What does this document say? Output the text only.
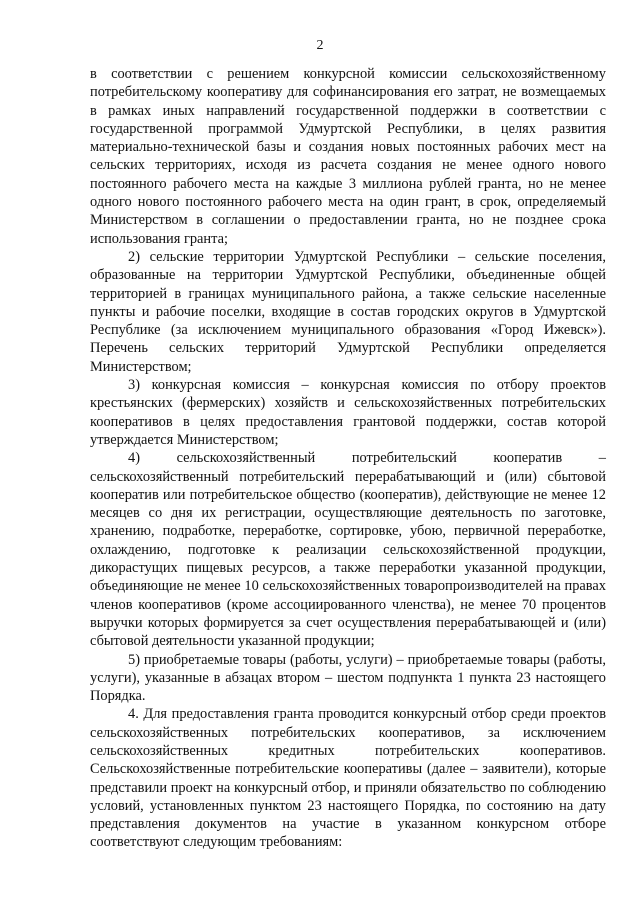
2

в соответствии с решением конкурсной комиссии сельскохозяйственному потребительскому кооперативу для софинансирования его затрат, не возмещаемых в рамках иных направлений государственной поддержки в соответствии с государственной программой Удмуртской Республики, в целях развития материально-технической базы и создания новых постоянных рабочих мест на сельских территориях, исходя из расчета создания не менее одного нового постоянного рабочего места на каждые 3 миллиона рублей гранта, но не менее одного нового постоянного рабочего места на один грант, в срок, определяемый Министерством в соглашении о предоставлении гранта, но не позднее срока использования гранта;

2) сельские территории Удмуртской Республики – сельские поселения, образованные на территории Удмуртской Республики, объединенные общей территорией в границах муниципального района, а также сельские населенные пункты и рабочие поселки, входящие в состав городских округов в Удмуртской Республике (за исключением муниципального образования «Город Ижевск»). Перечень сельских территорий Удмуртской Республики определяется Министерством;

3) конкурсная комиссия – конкурсная комиссия по отбору проектов крестьянских (фермерских) хозяйств и сельскохозяйственных потребительских кооперативов в целях предоставления грантовой поддержки, состав которой утверждается Министерством;

4) сельскохозяйственный потребительский кооператив – сельскохозяйственный потребительский перерабатывающий и (или) сбытовой кооператив или потребительское общество (кооператив), действующие не менее 12 месяцев со дня их регистрации, осуществляющие деятельность по заготовке, хранению, подработке, переработке, сортировке, убою, первичной переработке, охлаждению, подготовке к реализации сельскохозяйственной продукции, дикорастущих пищевых ресурсов, а также переработки указанной продукции, объединяющие не менее 10 сельскохозяйственных товаропроизводителей на правах членов кооперативов (кроме ассоциированного членства), не менее 70 процентов выручки которых формируется за счет осуществления перерабатывающей и (или) сбытовой деятельности указанной продукции;

5) приобретаемые товары (работы, услуги) – приобретаемые товары (работы, услуги), указанные в абзацах втором – шестом подпункта 1 пункта 23 настоящего Порядка.

4. Для предоставления гранта проводится конкурсный отбор среди проектов сельскохозяйственных потребительских кооперативов, за исключением сельскохозяйственных кредитных потребительских кооперативов. Сельскохозяйственные потребительские кооперативы (далее – заявители), которые представили проект на конкурсный отбор, и приняли обязательство по соблюдению условий, установленных пунктом 23 настоящего Порядка, по состоянию на дату представления документов на участие в указанном конкурсном отборе соответствуют следующим требованиям:
